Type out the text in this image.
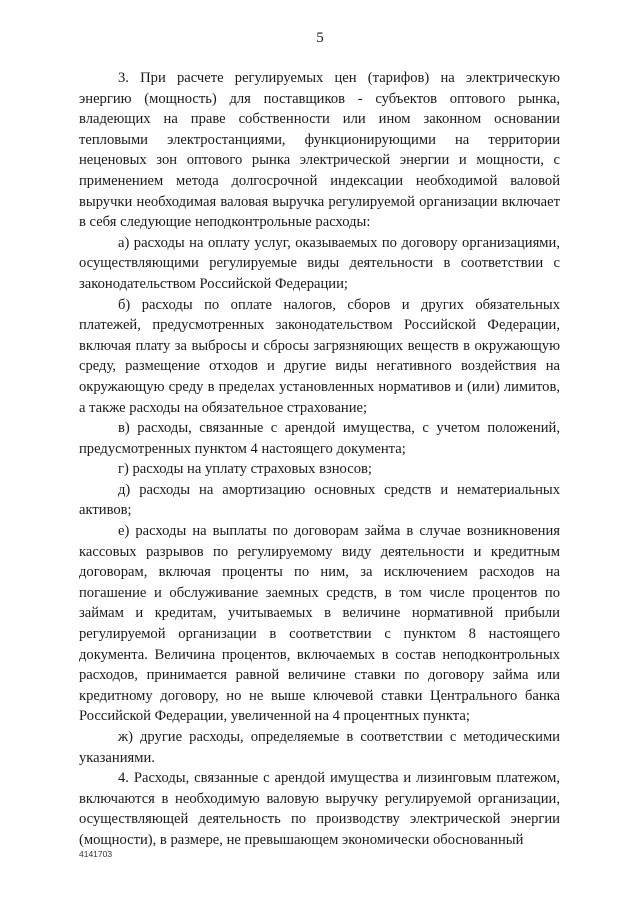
5

3. При расчете регулируемых цен (тарифов) на электрическую энергию (мощность) для поставщиков - субъектов оптового рынка, владеющих на праве собственности или ином законном основании тепловыми электростанциями, функционирующими на территории неценовых зон оптового рынка электрической энергии и мощности, с применением метода долгосрочной индексации необходимой валовой выручки необходимая валовая выручка регулируемой организации включает в себя следующие неподконтрольные расходы:

а) расходы на оплату услуг, оказываемых по договору организациями, осуществляющими регулируемые виды деятельности в соответствии с законодательством Российской Федерации;

б) расходы по оплате налогов, сборов и других обязательных платежей, предусмотренных законодательством Российской Федерации, включая плату за выбросы и сбросы загрязняющих веществ в окружающую среду, размещение отходов и другие виды негативного воздействия на окружающую среду в пределах установленных нормативов и (или) лимитов, а также расходы на обязательное страхование;

в) расходы, связанные с арендой имущества, с учетом положений, предусмотренных пунктом 4 настоящего документа;

г) расходы на уплату страховых взносов;

д) расходы на амортизацию основных средств и нематериальных активов;

е) расходы на выплаты по договорам займа в случае возникновения кассовых разрывов по регулируемому виду деятельности и кредитным договорам, включая проценты по ним, за исключением расходов на погашение и обслуживание заемных средств, в том числе процентов по займам и кредитам, учитываемых в величине нормативной прибыли регулируемой организации в соответствии с пунктом 8 настоящего документа. Величина процентов, включаемых в состав неподконтрольных расходов, принимается равной величине ставки по договору займа или кредитному договору, но не выше ключевой ставки Центрального банка Российской Федерации, увеличенной на 4 процентных пункта;

ж) другие расходы, определяемые в соответствии с методическими указаниями.

4. Расходы, связанные с арендой имущества и лизинговым платежом, включаются в необходимую валовую выручку регулируемой организации, осуществляющей деятельность по производству электрической энергии (мощности), в размере, не превышающем экономически обоснованный

4141703
